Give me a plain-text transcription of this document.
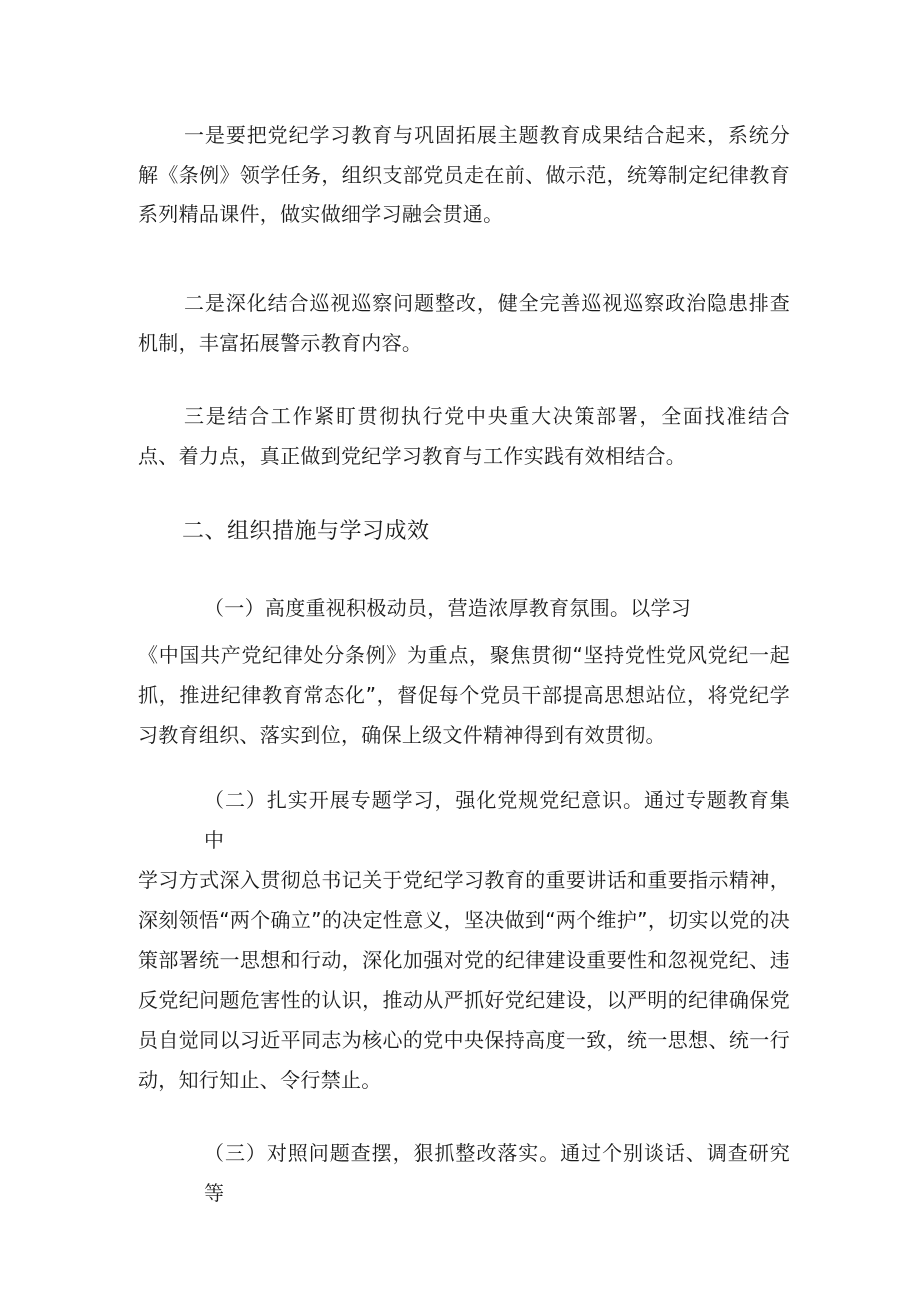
一是要把党纪学习教育与巩固拓展主题教育成果结合起来，系统分解《条例》领学任务，组织支部党员走在前、做示范，统筹制定纪律教育系列精品课件，做实做细学习融会贯通。

二是深化结合巡视巡察问题整改，健全完善巡视巡察政治隐患排查机制，丰富拓展警示教育内容。

三是结合工作紧盯贯彻执行党中央重大决策部署，全面找准结合点、着力点，真正做到党纪学习教育与工作实践有效相结合。

二、组织措施与学习成效
（一）高度重视积极动员，营造浓厚教育氛围。以学习
《中国共产党纪律处分条例》为重点，聚焦贯彻“坚持党性党风党纪一起抓，推进纪律教育常态化”，督促每个党员干部提高思想站位，将党纪学习教育组织、落实到位，确保上级文件精神得到有效贯彻。
（二）扎实开展专题学习，强化党规党纪意识。通过专题教育集中
学习方式深入贯彻总书记关于党纪学习教育的重要讲话和重要指示精神，深刻领悟“两个确立”的决定性意义，坚决做到“两个维护”，切实以党的决策部署统一思想和行动，深化加强对党的纪律建设重要性和忽视党纪、违反党纪问题危害性的认识，推动从严抓好党纪建设，以严明的纪律确保党员自觉同以习近平同志为核心的党中央保持高度一致，统一思想、统一行动，知行知止、令行禁止。
（三）对照问题查摆，狠抓整改落实。通过个别谈话、调查研究等
